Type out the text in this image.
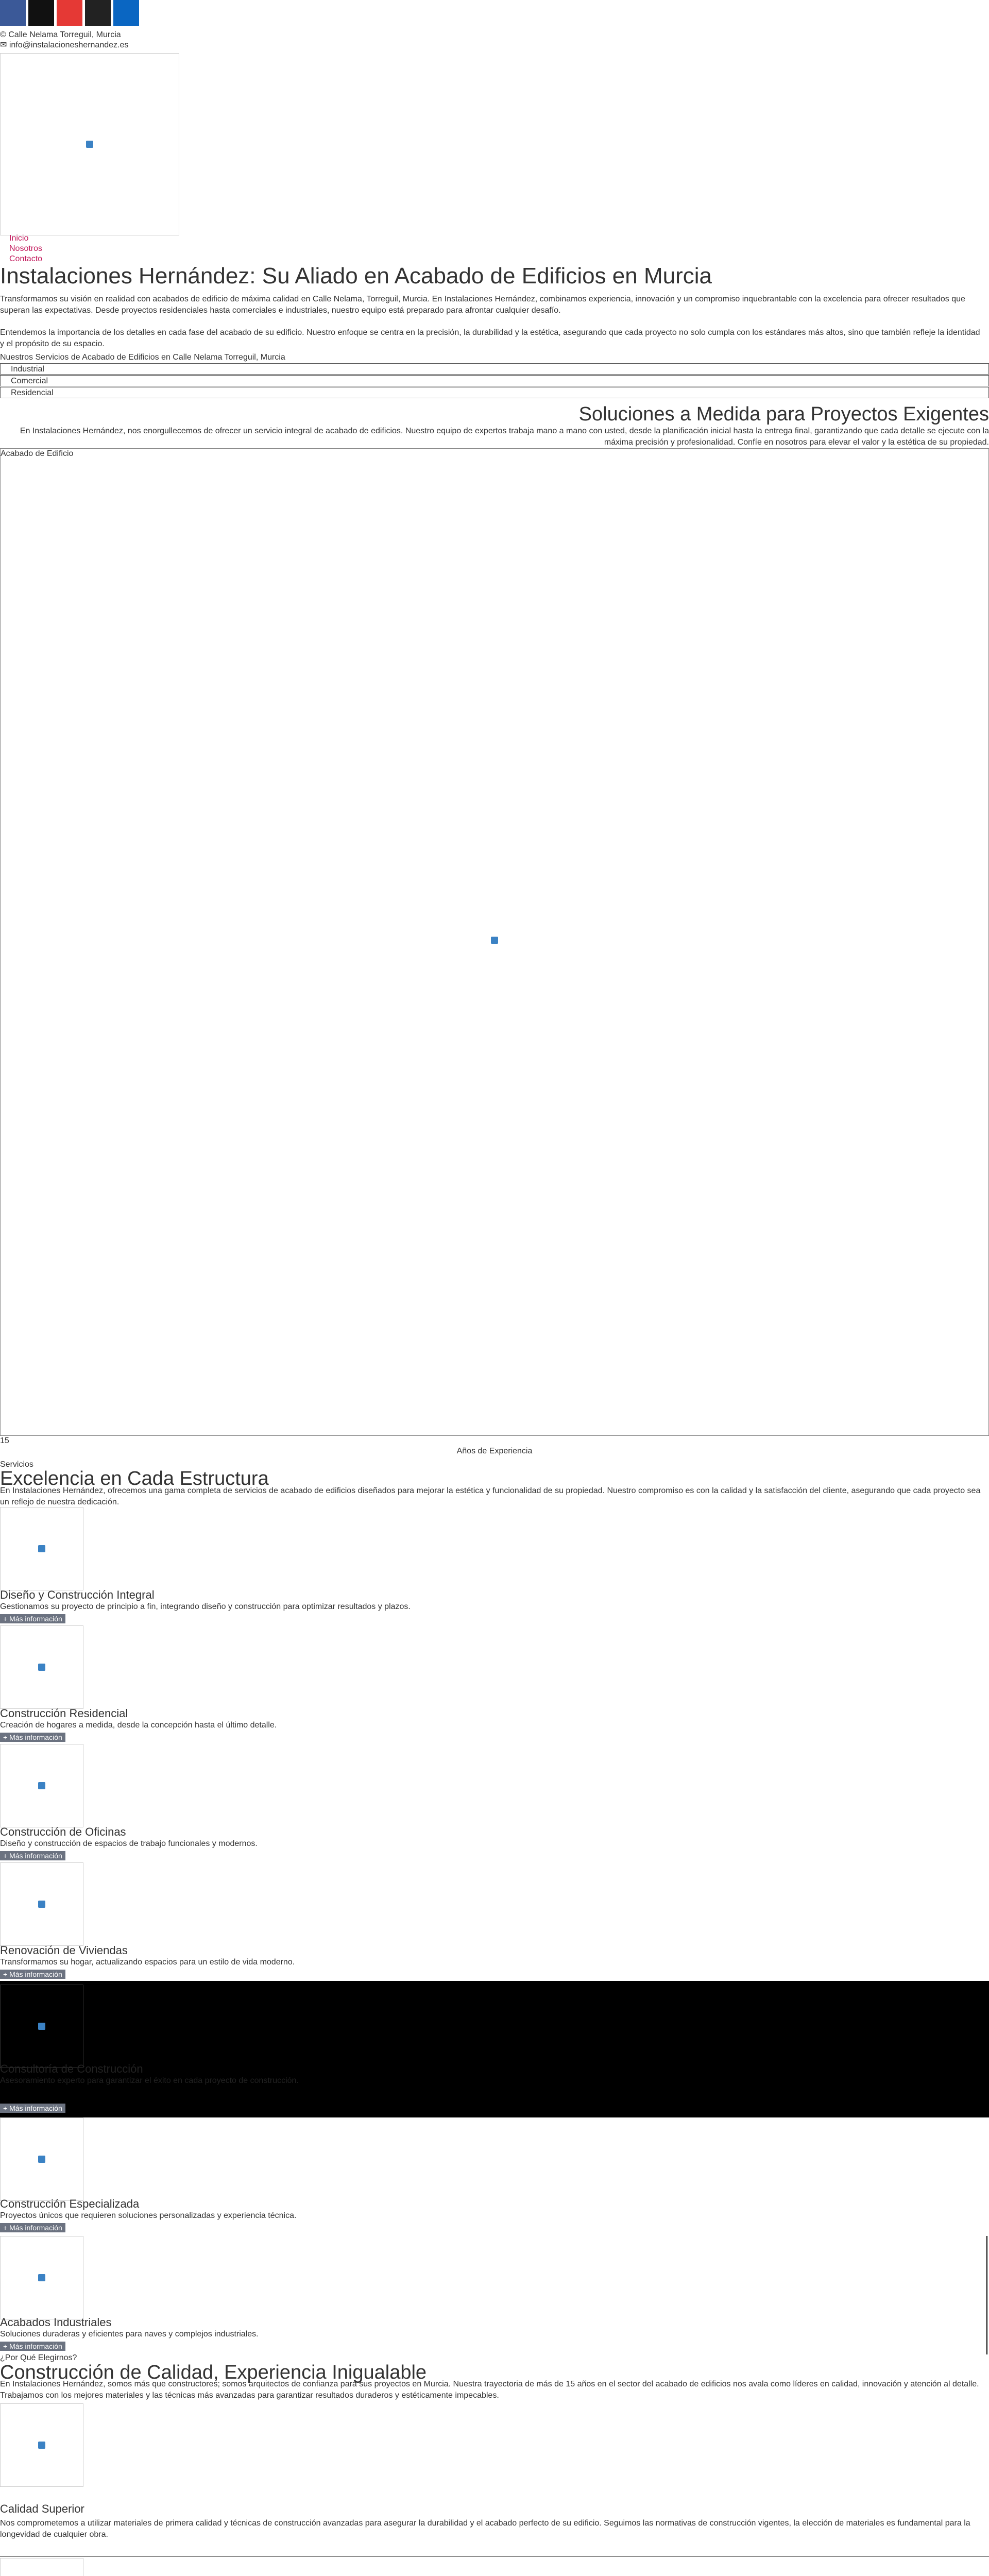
© Calle Nelama Torreguil, Murcia
✉ info@instalacioneshernandez.es
Inicio
Nosotros
Contacto
Instalaciones Hernández: Su Aliado en Acabado de Edificios en Murcia
Transformamos su visión en realidad con acabados de edificio de máxima calidad en Calle Nelama, Torreguil, Murcia. En Instalaciones Hernández, combinamos experiencia, innovación y un compromiso inquebrantable con la excelencia para ofrecer resultados que superan las expectativas. Desde proyectos residenciales hasta comerciales e industriales, nuestro equipo está preparado para afrontar cualquier desafío.
Entendemos la importancia de los detalles en cada fase del acabado de su edificio. Nuestro enfoque se centra en la precisión, la durabilidad y la estética, asegurando que cada proyecto no solo cumpla con los estándares más altos, sino que también refleje la identidad y el propósito de su espacio.
Nuestros Servicios de Acabado de Edificios en Calle Nelama Torreguil, Murcia
Industrial
Comercial
Residencial
Soluciones a Medida para Proyectos Exigentes
En Instalaciones Hernández, nos enorgullecemos de ofrecer un servicio integral de acabado de edificios. Nuestro equipo de expertos trabaja mano a mano con usted, desde la planificación inicial hasta la entrega final, garantizando que cada detalle se ejecute con la máxima precisión y profesionalidad. Confíe en nosotros para elevar el valor y la estética de su propiedad.
Acabado de Edificio
15
Años de Experiencia
Servicios
Excelencia en Cada Estructura
En Instalaciones Hernández, ofrecemos una gama completa de servicios de acabado de edificios diseñados para mejorar la estética y funcionalidad de su propiedad. Nuestro compromiso es con la calidad y la satisfacción del cliente, asegurando que cada proyecto sea un reflejo de nuestra dedicación.
Diseño y Construcción Integral
Gestionamos su proyecto de principio a fin, integrando diseño y construcción para optimizar resultados y plazos.
+ Más información
Construcción Residencial
Creación de hogares a medida, desde la concepción hasta el último detalle.
+ Más información
Construcción de Oficinas
Diseño y construcción de espacios de trabajo funcionales y modernos.
+ Más información
Renovación de Viviendas
Transformamos su hogar, actualizando espacios para un estilo de vida moderno.
+ Más información
Consultoría de Construcción
Asesoramiento experto para garantizar el éxito en cada proyecto de construcción.
+ Más información
Construcción Especializada
Proyectos únicos que requieren soluciones personalizadas y experiencia técnica.
+ Más información
Acabados Industriales
Soluciones duraderas y eficientes para naves y complejos industriales.
+ Más información
¿Por Qué Elegirnos?
Construcción de Calidad, Experiencia Inigualable
En Instalaciones Hernández, somos más que constructores; somos arquitectos de confianza para sus proyectos en Murcia. Nuestra trayectoria de más de 15 años en el sector del acabado de edificios nos avala como líderes en calidad, innovación y atención al detalle. Trabajamos con los mejores materiales y las técnicas más avanzadas para garantizar resultados duraderos y estéticamente impecables.
Calidad Superior
Nos comprometemos a utilizar materiales de primera calidad y técnicas de construcción avanzadas para asegurar la durabilidad y el acabado perfecto de su edificio. Seguimos las normativas de construcción vigentes, la elección de materiales es fundamental para la longevidad de cualquier obra.
